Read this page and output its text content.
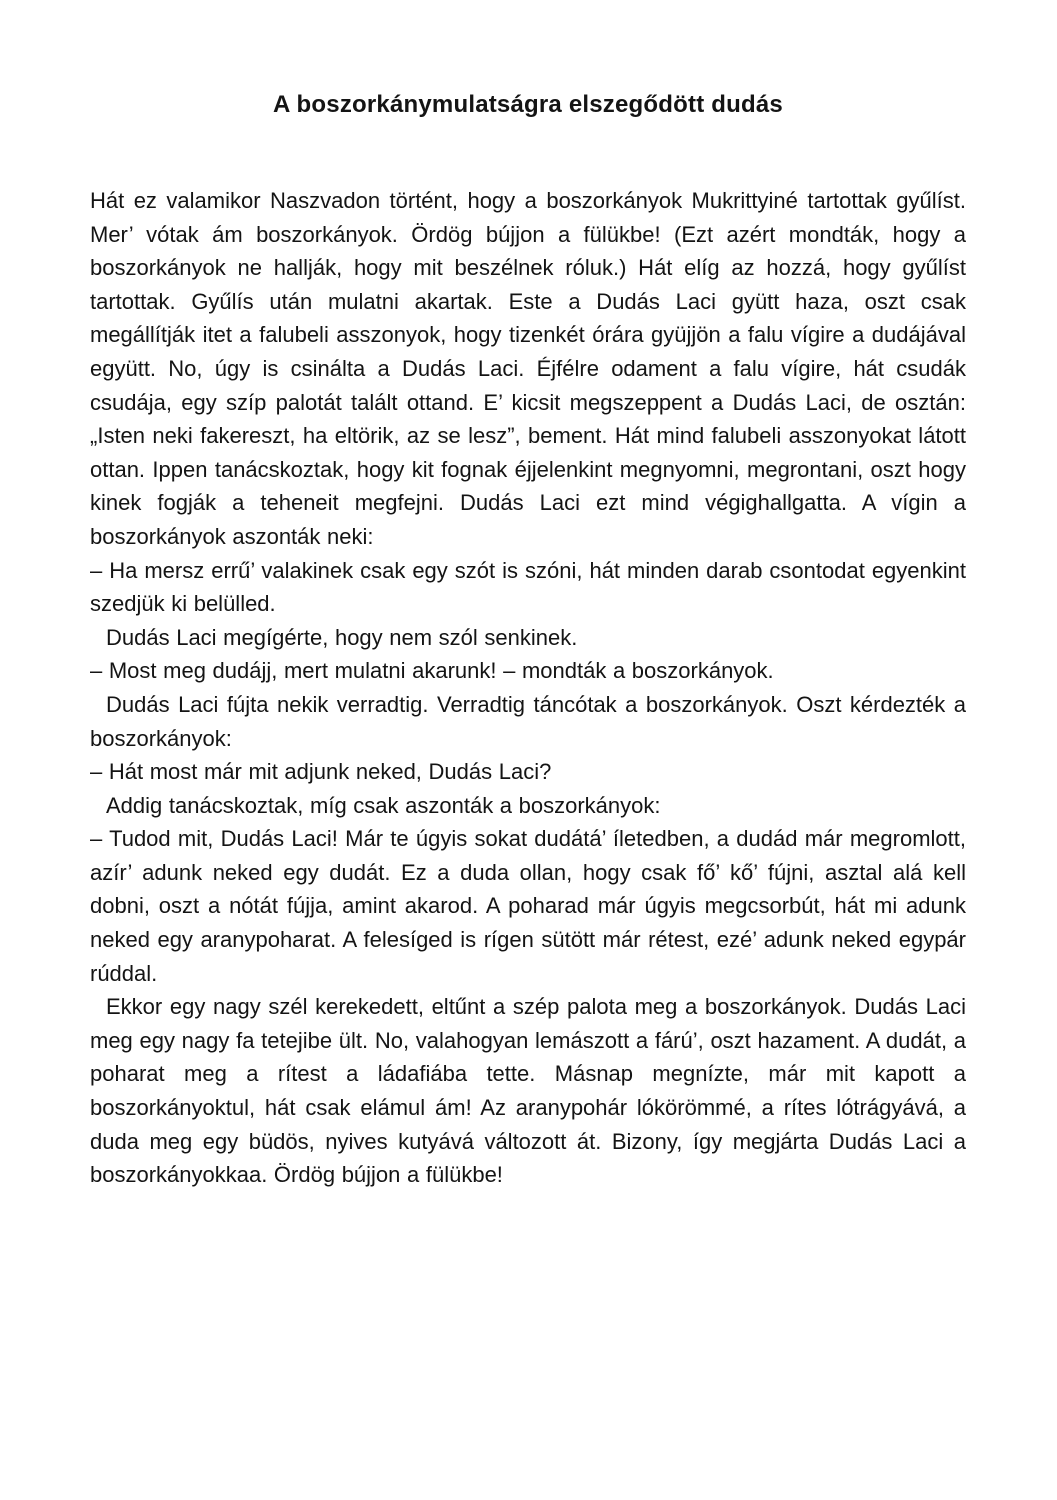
A boszorkánymulatságra elszegődött dudás

Hát ez valamikor Naszvadon történt, hogy a boszorkányok Mukrittyiné tartottak gyűlíst. Mer’ vótak ám boszorkányok. Ördög bújjon a fülükbe! (Ezt azért mondták, hogy a boszorkányok ne hallják, hogy mit beszélnek róluk.) Hát elíg az hozzá, hogy gyűlíst tartottak. Gyűlís után mulatni akartak. Este a Dudás Laci gyütt haza, oszt csak megállítják itet a falubeli asszonyok, hogy tizenkét órára gyüjjön a falu vígire a dudájával együtt. No, úgy is csinálta a Dudás Laci. Éjfélre odament a falu vígire, hát csudák csudája, egy szíp palotát talált ottand. E’ kicsit megszeppent a Dudás Laci, de osztán: „Isten neki fakereszt, ha eltörik, az se lesz”, bement. Hát mind falubeli asszonyokat látott ottan. Ippen tanácskoztak, hogy kit fognak éjjelenkint megnyomni, megrontani, oszt hogy kinek fogják a teheneit megfejni. Dudás Laci ezt mind végighallgatta. A vígin a boszorkányok aszonták neki:

– Ha mersz errű’ valakinek csak egy szót is szóni, hát minden darab csontodat egyenkint szedjük ki belülled.

Dudás Laci megígérte, hogy nem szól senkinek.

– Most meg dudájj, mert mulatni akarunk! – mondták a boszorkányok.

Dudás Laci fújta nekik verradtig. Verradtig táncótak a boszorkányok. Oszt kérdezték a boszorkányok:

– Hát most már mit adjunk neked, Dudás Laci?

Addig tanácskoztak, míg csak aszonták a boszorkányok:

– Tudod mit, Dudás Laci! Már te úgyis sokat dudátá’ íletedben, a dudád már megromlott, azír’ adunk neked egy dudát. Ez a duda ollan, hogy csak fő’ kő’ fújni, asztal alá kell dobni, oszt a nótát fújja, amint akarod. A poharad már úgyis megcsorbút, hát mi adunk neked egy aranypoharat. A felesíged is rígen sütött már rétest, ezé’ adunk neked egypár rúddal.

Ekkor egy nagy szél kerekedett, eltűnt a szép palota meg a boszorkányok. Dudás Laci meg egy nagy fa tetejibe ült. No, valahogyan lemászott a fárú’, oszt hazament. A dudát, a poharat meg a rítest a ládafiába tette. Másnap megnízte, már mit kapott a boszorkányoktul, hát csak elámul ám! Az aranypohár lókörömmé, a rítes lótrágyává, a duda meg egy büdös, nyives kutyává változott át. Bizony, így megjárta Dudás Laci a boszorkányokkaa. Ördög bújjon a fülükbe!
